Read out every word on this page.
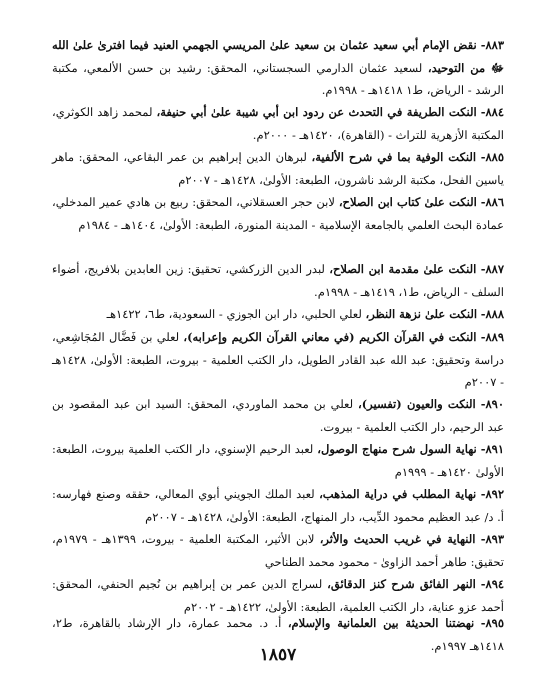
٨٨٣- نقض الإمام أبي سعيد عثمان بن سعيد علىٰ المريسي الجهمي العنيد فيما افترىٰ علىٰ الله ﷻ من التوحيد، لسعيد عثمان الدارمي السجستاني، المحقق: رشيد بن حسن الألمعي، مكتبة الرشد - الرياض، ط١ ١٤١٨هـ - ١٩٩٨م.
٨٨٤- النكت الطريفة في التحدث عن ردود ابن أبي شيبة علىٰ أبي حنيفة، لمحمد زاهد الكوثري، المكتبة الأزهرية للتراث - (القاهرة)، ١٤٢٠هـ - ٢٠٠٠م.
٨٨٥- النكت الوفية بما في شرح الألفية، لبرهان الدين إبراهيم بن عمر البقاعي، المحقق: ماهر ياسين الفحل، مكتبة الرشد ناشرون، الطبعة: الأولىٰ، ١٤٢٨هـ - ٢٠٠٧م
٨٨٦- النكت علىٰ كتاب ابن الصلاح، لابن حجر العسقلاني، المحقق: ربيع بن هادي عمير المدخلي، عمادة البحث العلمي بالجامعة الإسلامية - المدينة المنورة، الطبعة: الأولىٰ، ١٤٠٤هـ - ١٩٨٤م
٨٨٧- النكت علىٰ مقدمة ابن الصلاح، لبدر الدين الزركشي، تحقيق: زين العابدين بلافريج، أضواء السلف - الرياض، ط١، ١٤١٩هـ - ١٩٩٨م.
٨٨٨- النكت علىٰ نزهة النظر، لعلي الحلبي، دار ابن الجوزي - السعودية، ط٦، ١٤٢٢هـ
٨٨٩- النكت في القرآن الكريم (في معاني القرآن الكريم وإعرابه)، لعلي بن فَضَّال المُجَاشِعي، دراسة وتحقيق: عبد الله عبد القادر الطويل، دار الكتب العلمية - بيروت، الطبعة: الأولىٰ، ١٤٢٨هـ - ٢٠٠٧م
٨٩٠- النكت والعيون (تفسير)، لعلي بن محمد الماوردي، المحقق: السيد ابن عبد المقصود بن عبد الرحيم، دار الكتب العلمية - بيروت.
٨٩١- نهاية السول شرح منهاج الوصول، لعبد الرحيم الإسنوي، دار الكتب العلمية بيروت، الطبعة: الأولىٰ ١٤٢٠هـ - ١٩٩٩م
٨٩٢- نهاية المطلب في دراية المذهب، لعبد الملك الجويني أبوي المعالي، حققه وصنع فهارسه: أ. د/ عبد العظيم محمود الدِّيب، دار المنهاج، الطبعة: الأولىٰ، ١٤٢٨هـ - ٢٠٠٧م
٨٩٣- النهاية في غريب الحديث والأثر، لابن الأثير، المكتبة العلمية - بيروت، ١٣٩٩هـ - ١٩٧٩م، تحقيق: طاهر أحمد الزاوىٰ - محمود محمد الطناحي
٨٩٤- النهر الفائق شرح كنز الدقائق، لسراج الدين عمر بن إبراهيم بن نُجيم الحنفي، المحقق: أحمد عزو عناية، دار الكتب العلمية، الطبعة: الأولىٰ، ١٤٢٢هـ - ٢٠٠٢م
٨٩٥- نهضتنا الحديثة بين العلمانية والإسلام، أ. د. محمد عمارة، دار الإرشاد بالقاهرة، ط٢، ١٤١٨هـ ١٩٩٧م.
١٨٥٧
